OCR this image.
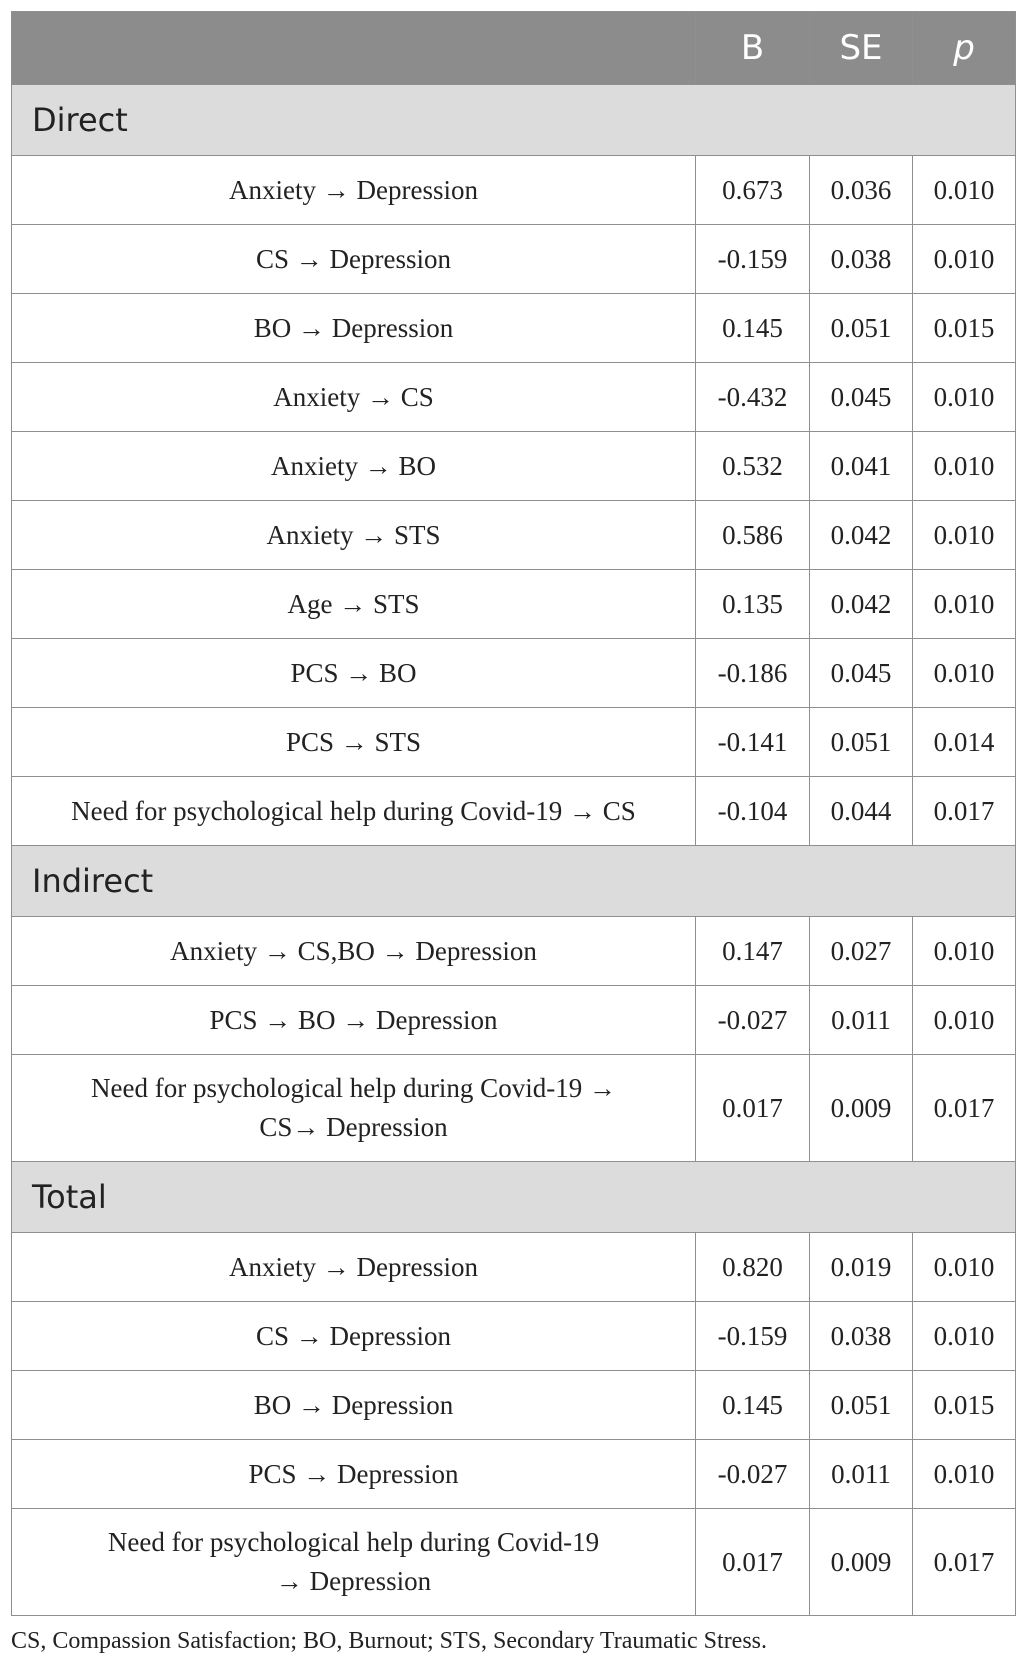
	B	SE	p
Direct			
Anxiety → Depression	0.673	0.036	0.010
CS → Depression	-0.159	0.038	0.010
BO → Depression	0.145	0.051	0.015
Anxiety → CS	-0.432	0.045	0.010
Anxiety → BO	0.532	0.041	0.010
Anxiety → STS	0.586	0.042	0.010
Age → STS	0.135	0.042	0.010
PCS → BO	-0.186	0.045	0.010
PCS → STS	-0.141	0.051	0.014
Need for psychological help during Covid-19 → CS	-0.104	0.044	0.017
Indirect			
Anxiety → CS,BO → Depression	0.147	0.027	0.010
PCS → BO → Depression	-0.027	0.011	0.010
Need for psychological help during Covid-19 →
CS→ Depression	0.017	0.009	0.017
Total			
Anxiety → Depression	0.820	0.019	0.010
CS → Depression	-0.159	0.038	0.010
BO → Depression	0.145	0.051	0.015
PCS → Depression	-0.027	0.011	0.010
Need for psychological help during Covid-19
→ Depression	0.017	0.009	0.017
CS, Compassion Satisfaction; BO, Burnout; STS, Secondary Traumatic Stress.
